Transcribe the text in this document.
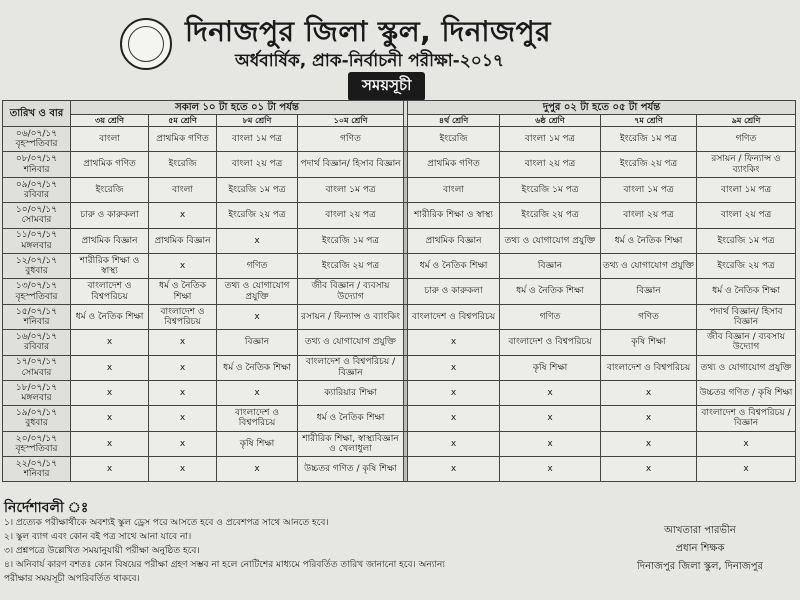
দিনাজপুর জিলা স্কুল, দিনাজপুর
অর্ধবার্ষিক, প্রাক-নির্বাচনী পরীক্ষা-২০১৭
সময়সূচী
তারিখ ও বার	সকাল ১০ টা হতে ০১ টা পর্যন্ত					দুপুর ০২ টা হতে ০৫ টা পর্যন্ত			
	৩য় শ্রেণি	৫ম শ্রেণি	৮ম শ্রেণি	১০ম শ্রেণি		৪র্থ শ্রেণি	৬ষ্ঠ শ্রেণি	৭ম শ্রেণি	৯ম শ্রেণি
০৬/০৭/১৭ বৃহস্পতিবার	বাংলা	প্রাথমিক গণিত	বাংলা ১ম পত্র	গণিত		ইংরেজি	বাংলা ১ম পত্র	ইংরেজি ১ম পত্র	গণিত
০৮/০৭/১৭ শনিবার	প্রাথমিক গণিত	ইংরেজি	বাংলা ২য় পত্র	পদার্থ বিজ্ঞান/ হিসাব বিজ্ঞান		প্রাথমিক গণিত	বাংলা ২য় পত্র	ইংরেজি ২য় পত্র	রসায়ন / ফিন্যান্স ও ব্যাংকিং
০৯/০৭/১৭ রবিবার	ইংরেজি	বাংলা	ইংরেজি ১ম পত্র	বাংলা ১ম পত্র		বাংলা	ইংরেজি ১ম পত্র	বাংলা ১ম পত্র	বাংলা ১ম পত্র
১০/০৭/১৭ সোমবার	চারু ও কারুকলা	x	ইংরেজি ২য় পত্র	বাংলা ২য় পত্র		শারীরিক শিক্ষা ও স্বাস্থ্য	ইংরেজি ২য় পত্র	বাংলা ২য় পত্র	বাংলা ২য় পত্র
১১/০৭/১৭ মঙ্গলবার	প্রাথমিক বিজ্ঞান	প্রাথমিক বিজ্ঞান	x	ইংরেজি ১ম পত্র		প্রাথমিক বিজ্ঞান	তথ্য ও যোগাযোগ প্রযুক্তি	ধর্ম ও নৈতিক শিক্ষা	ইংরেজি ১ম পত্র
১২/০৭/১৭ বুধবার	শারীরিক শিক্ষা ও স্বাস্থ্য	x	গণিত	ইংরেজি ২য় পত্র		ধর্ম ও নৈতিক শিক্ষা	বিজ্ঞান	তথ্য ও যোগাযোগ প্রযুক্তি	ইংরেজি ২য় পত্র
১৩/০৭/১৭ বৃহস্পতিবার	বাংলাদেশ ও বিশ্বপরিচয়	ধর্ম ও নৈতিক শিক্ষা	তথ্য ও যোগাযোগ প্রযুক্তি	জীব বিজ্ঞান / ব্যবসায় উদ্যোগ		চারু ও কারুকলা	ধর্ম ও নৈতিক শিক্ষা	বিজ্ঞান	ধর্ম ও নৈতিক শিক্ষা
১৫/০৭/১৭ শনিবার	ধর্ম ও নৈতিক শিক্ষা	বাংলাদেশ ও বিশ্বপরিচয়	x	রসায়ন / ফিন্যান্স ও ব্যাংকিং		বাংলাদেশ ও বিশ্বপরিচয়	গণিত	গণিত	পদার্থ বিজ্ঞান/ হিসাব বিজ্ঞান
১৬/০৭/১৭ রবিবার	x	x	বিজ্ঞান	তথ্য ও যোগাযোগ প্রযুক্তি		x	বাংলাদেশ ও বিশ্বপরিচয়	কৃষি শিক্ষা	জীব বিজ্ঞান / ব্যবসায় উদ্যোগ
১৭/০৭/১৭ সোমবার	x	x	ধর্ম ও নৈতিক শিক্ষা	বাংলাদেশ ও বিশ্বপরিচয় /বিজ্ঞান		x	কৃষি শিক্ষা	বাংলাদেশ ও বিশ্বপরিচয়	তথ্য ও যোগাযোগ প্রযুক্তি
১৮/০৭/১৭ মঙ্গলবার	x	x	x	ক্যারিয়ার শিক্ষা		x	x	x	উচ্চতর গণিত / কৃষি শিক্ষা
১৯/০৭/১৭ বুধবার	x	x	বাংলাদেশ ও বিশ্বপরিচয়	ধর্ম ও নৈতিক শিক্ষা		x	x	x	বাংলাদেশ ও বিশ্বপরিচয় /বিজ্ঞান
২০/০৭/১৭ বৃহস্পতিবার	x	x	কৃষি শিক্ষা	শারীরিক শিক্ষা, স্বাস্থ্যবিজ্ঞান ও খেলাধুলা		x	x	x	x
২২/০৭/১৭ শনিবার	x	x	x	উচ্চতর গণিত / কৃষি শিক্ষা		x	x	x	x
নির্দেশাবলী ঃ
১। প্রত্যেক পরীক্ষার্থীকে অবশ্যই স্কুল ড্রেস পরে আসতে হবে ও প্রবেশপত্র সাথে আনতে হবে।
২। স্কুল ব্যাগ এবং কোন বই পত্র সাথে আনা যাবে না।
৩। প্রশ্নপত্রে উল্লেখিত সময়ানুযায়ী পরীক্ষা অনুষ্ঠিত হবে।
৪। অনিবার্য কারণ বশতঃ কোন বিষয়ের পরীক্ষা গ্রহণ সম্ভব না হলে নোটিশের মাধ্যমে পরিবর্তিত তারিখ জানানো হবে। অন্যান্য
পরীক্ষার সময়সূচী অপরিবর্তিত থাকবে।
আখতারা পারভীন
প্রধান শিক্ষক
দিনাজপুর জিলা স্কুল, দিনাজপুর
